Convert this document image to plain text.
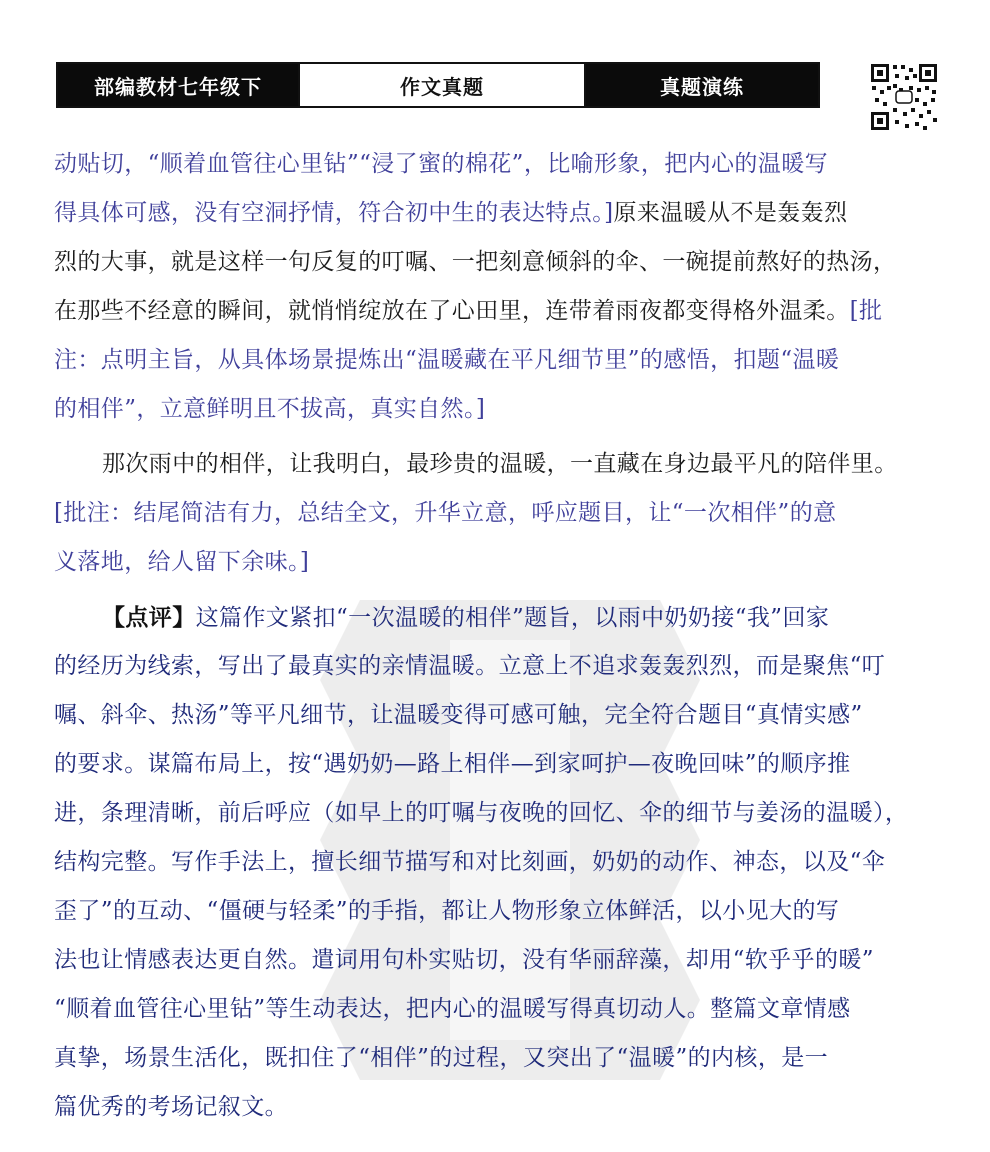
部编教材七年级下	作文真题	真题演练
动贴切，“顺着血管往心里钻”“浸了蜜的棉花”，比喻形象，把内心的温暖写
得具体可感，没有空洞抒情，符合初中生的表达特点。]原来温暖从不是轰轰烈
烈的大事，就是这样一句反复的叮嘱、一把刻意倾斜的伞、一碗提前熬好的热汤，
在那些不经意的瞬间，就悄悄绽放在了心田里，连带着雨夜都变得格外温柔。[批
注：点明主旨，从具体场景提炼出“温暖藏在平凡细节里”的感悟，扣题“温暖
的相伴”，立意鲜明且不拔高，真实自然。]
那次雨中的相伴，让我明白，最珍贵的温暖，一直藏在身边最平凡的陪伴里。
[批注：结尾简洁有力，总结全文，升华立意，呼应题目，让“一次相伴”的意
义落地，给人留下余味。]
【点评】这篇作文紧扣“一次温暖的相伴”题旨，以雨中奶奶接“我”回家
的经历为线索，写出了最真实的亲情温暖。立意上不追求轰轰烈烈，而是聚焦“叮
嘱、斜伞、热汤”等平凡细节，让温暖变得可感可触，完全符合题目“真情实感”
的要求。谋篇布局上，按“遇奶奶—路上相伴—到家呵护—夜晚回味”的顺序推
进，条理清晰，前后呼应（如早上的叮嘱与夜晚的回忆、伞的细节与姜汤的温暖），
结构完整。写作手法上，擅长细节描写和对比刻画，奶奶的动作、神态，以及“伞
歪了”的互动、“僵硬与轻柔”的手指，都让人物形象立体鲜活，以小见大的写
法也让情感表达更自然。遣词用句朴实贴切，没有华丽辞藻，却用“软乎乎的暖”
“顺着血管往心里钻”等生动表达，把内心的温暖写得真切动人。整篇文章情感
真挚，场景生活化，既扣住了“相伴”的过程，又突出了“温暖”的内核，是一
篇优秀的考场记叙文。
